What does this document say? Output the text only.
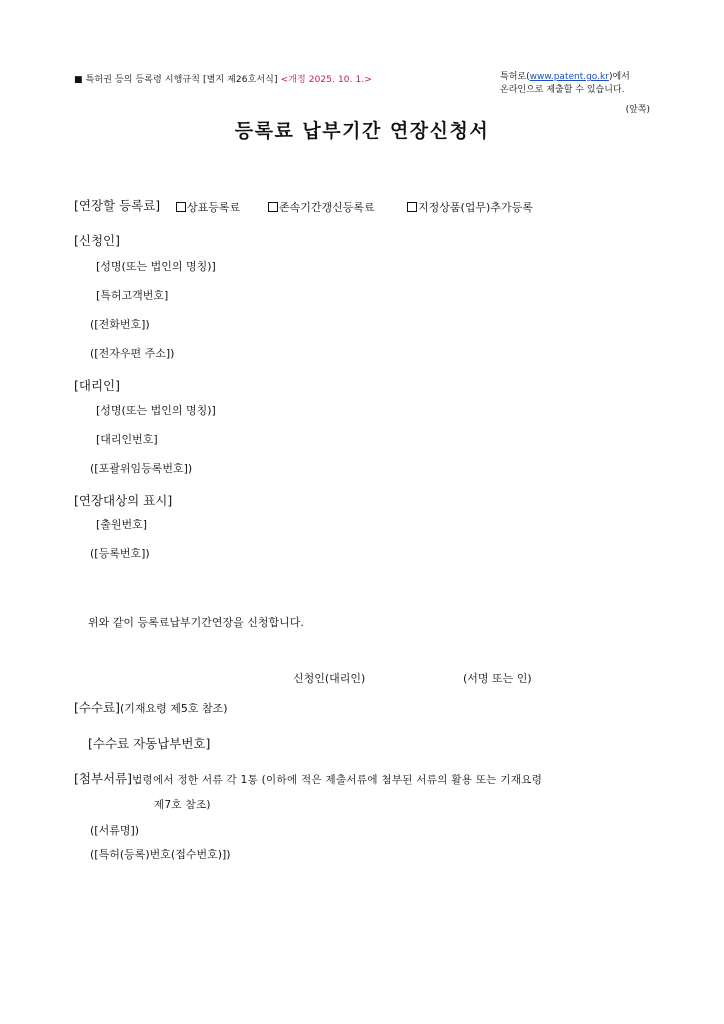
■ 특허권 등의 등록령 시행규칙 [별지 제26호서식] <개정 2025. 10. 1.>	특허로(www.patent.go.kr)에서
온라인으로 제출할 수 있습니다.
(앞쪽)
등록료 납부기간 연장신청서
[연장할 등록료]	상표등록료	존속기간갱신등록료	지정상품(업무)추가등록
[신청인]
[성명(또는 법인의 명칭)]
[특허고객번호]
([전화번호])
([전자우편 주소])
[대리인]
[성명(또는 법인의 명칭)]
[대리인번호]
([포괄위임등록번호])
[연장대상의 표시]
[출원번호]
([등록번호])
위와 같이 등록료납부기간연장을 신청합니다.
신청인(대리인)	(서명 또는 인)
[수수료](기재요령 제5호 참조)
[수수료 자동납부번호]
[첨부서류]법령에서 정한 서류 각 1통 (이하에 적은 제출서류에 첨부된 서류의 활용 또는 기재요령
제7호 참조)
([서류명])
([특허(등록)번호(접수번호)])
